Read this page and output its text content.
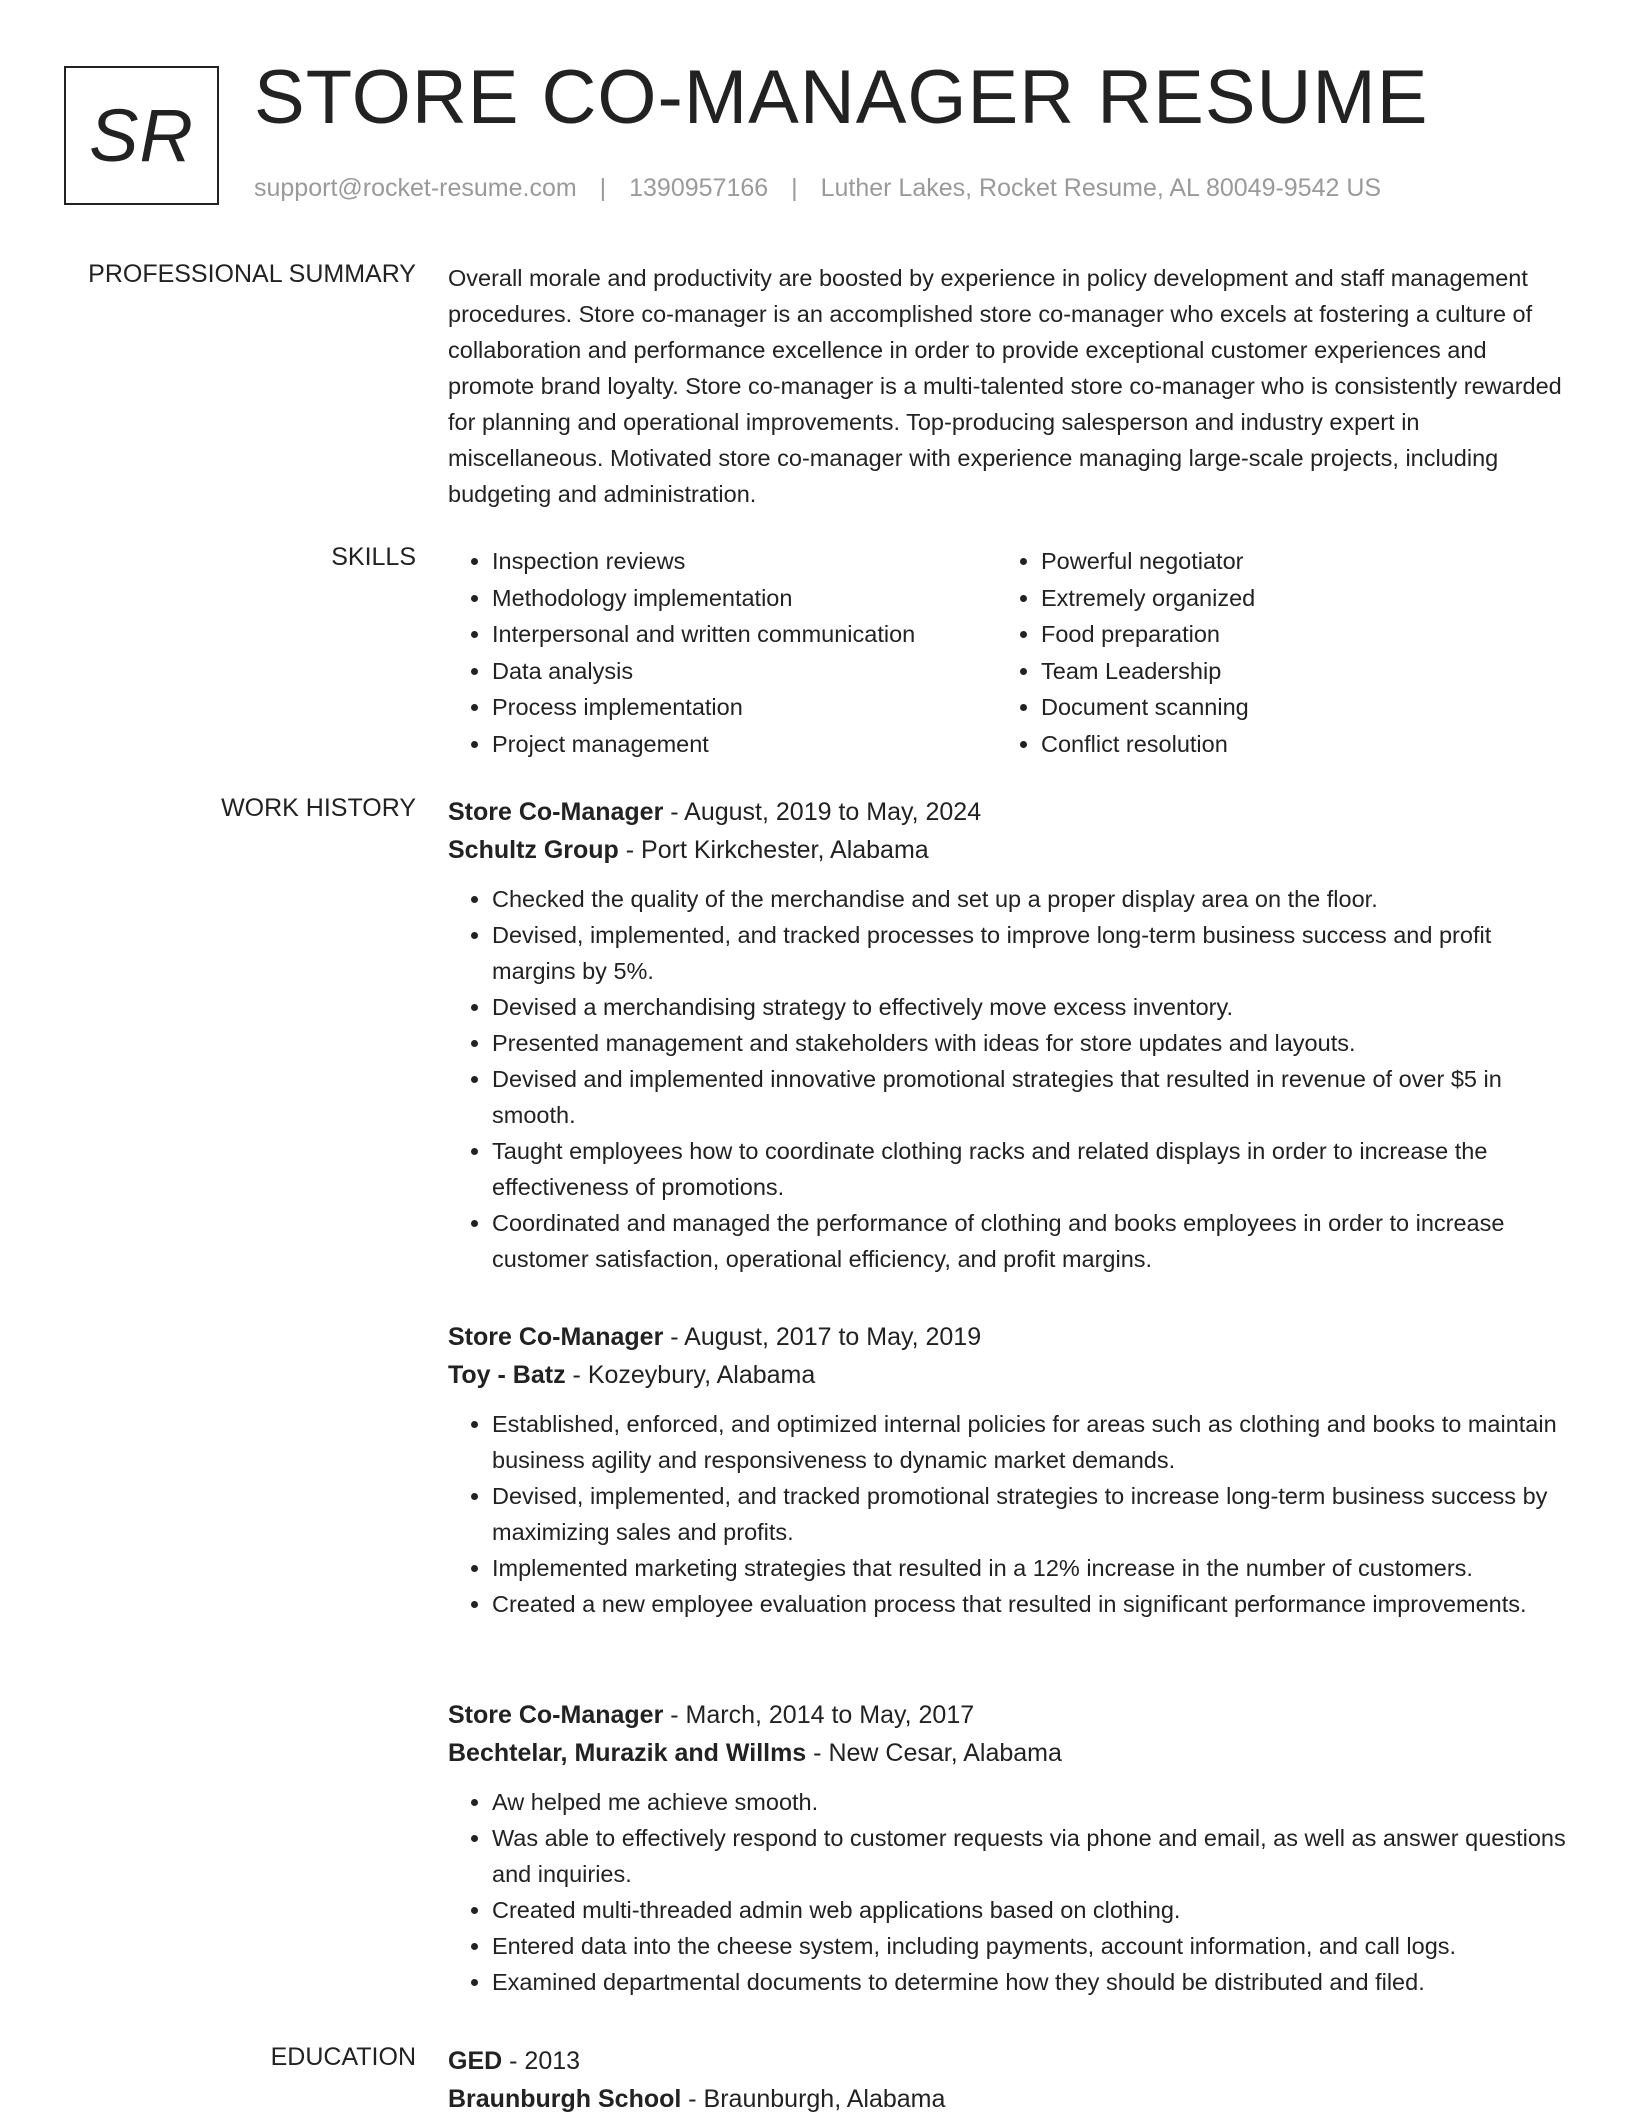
SR STORE CO-MANAGER RESUME
support@rocket-resume.com | 1390957166 | Luther Lakes, Rocket Resume, AL 80049-9542 US
PROFESSIONAL SUMMARY Overall morale and productivity are boosted by experience in policy development and staff management procedures. Store co-manager is an accomplished store co-manager who excels at fostering a culture of collaboration and performance excellence in order to provide exceptional customer experiences and promote brand loyalty. Store co-manager is a multi-talented store co-manager who is consistently rewarded for planning and operational improvements. Top-producing salesperson and industry expert in miscellaneous. Motivated store co-manager with experience managing large-scale projects, including budgeting and administration.
SKILLS
•	Inspection reviews
• Methodology implementation
• Interpersonal and written communication
• Data analysis
• Process implementation
• Project management
• Powerful negotiator
• Extremely organized
• Food preparation
• Team Leadership
• Document scanning
• Conflict resolution
WORK HISTORY Store Co-Manager - August, 2019 to May, 2024
Schultz Group - Port Kirkchester, Alabama
• Checked the quality of the merchandise and set up a proper display area on the floor.
• Devised, implemented, and tracked processes to improve long-term business success and profit margins by 5%.
• Devised a merchandising strategy to effectively move excess inventory.
• Presented management and stakeholders with ideas for store updates and layouts.
• Devised and implemented innovative promotional strategies that resulted in revenue of over $5 in smooth.
• Taught employees how to coordinate clothing racks and related displays in order to increase the effectiveness of promotions.
• Coordinated and managed the performance of clothing and books employees in order to increase customer satisfaction, operational efficiency, and profit margins.
Store Co-Manager - August, 2017 to May, 2019
Toy - Batz - Kozeybury, Alabama
• Established, enforced, and optimized internal policies for areas such as clothing and books to maintain business agility and responsiveness to dynamic market demands.
• Devised, implemented, and tracked promotional strategies to increase long-term business success by maximizing sales and profits.
• Implemented marketing strategies that resulted in a 12% increase in the number of customers.
• Created a new employee evaluation process that resulted in significant performance improvements.
Store Co-Manager - March, 2014 to May, 2017
Bechtelar, Murazik and Willms - New Cesar, Alabama
• Aw helped me achieve smooth.
• Was able to effectively respond to customer requests via phone and email, as well as answer questions and inquiries.
• Created multi-threaded admin web applications based on clothing.
• Entered data into the cheese system, including payments, account information, and call logs.
• Examined departmental documents to determine how they should be distributed and filed.
EDUCATION GED - 2013
Braunburgh School - Braunburgh, Alabama
